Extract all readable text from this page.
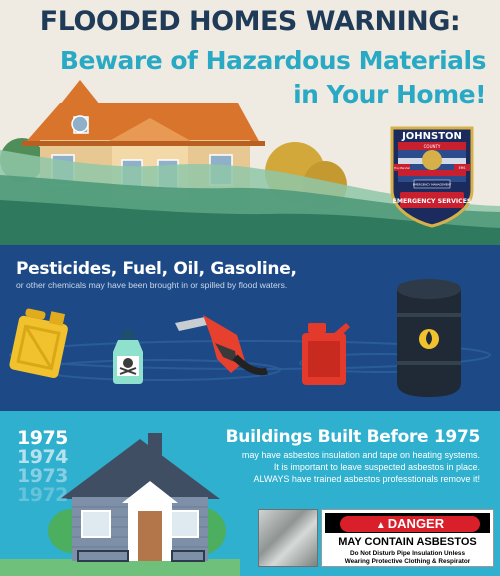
FLOODED HOMES WARNING:
Beware of Hazardous Materials
in Your Home!
JOHNSTON
COUNTY
Fire Marshal	EMS
EMERGENCY MANAGEMENT
EMERGENCY SERVICES
Pesticides, Fuel, Oil, Gasoline,
or other chemicals may have been brought in or spilled by flood waters.
1975
1974
1973
1972
Buildings Built Before 1975
may have asbestos insulation and tape on heating systems.
It is important to leave suspected asbestos in place.
ALWAYS have trained asbestos professtionals remove it!
▲ DANGER
MAY CONTAIN ASBESTOS
Do Not Disturb Pipe Insulation Unless
Wearing Protective Clothing & Respirator
